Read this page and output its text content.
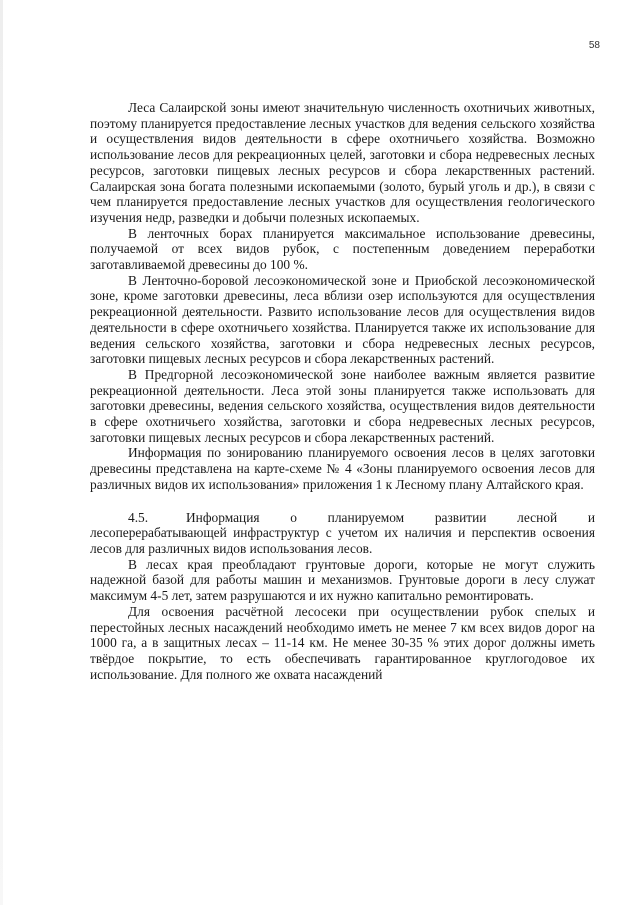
58

Леса Салаирской зоны имеют значительную численность охотничьих животных, поэтому планируется предоставление лесных участков для ведения сельского хозяйства и осуществления видов деятельности в сфере охотничьего хозяйства. Возможно использование лесов для рекреационных целей, заготовки и сбора недревесных лесных ресурсов, заготовки пищевых лесных ресурсов и сбора лекарственных растений. Салаирская зона богата полезными ископаемыми (золото, бурый уголь и др.), в связи с чем планируется предоставление лесных участков для осуществления геологического изучения недр, разведки и добычи полезных ископаемых.

В ленточных борах планируется максимальное использование древесины, получаемой от всех видов рубок, с постепенным доведением переработки заготавливаемой древесины до 100 %.

В Ленточно-боровой лесоэкономической зоне и Приобской лесоэкономической зоне, кроме заготовки древесины, леса вблизи озер используются для осуществления рекреационной деятельности. Развито использование лесов для осуществления видов деятельности в сфере охотничьего хозяйства. Планируется также их использование для ведения сельского хозяйства, заготовки и сбора недревесных лесных ресурсов, заготовки пищевых лесных ресурсов и сбора лекарственных растений.

В Предгорной лесоэкономической зоне наиболее важным является развитие рекреационной деятельности. Леса этой зоны планируется также использовать для заготовки древесины, ведения сельского хозяйства, осуществления видов деятельности в сфере охотничьего хозяйства, заготовки и сбора недревесных лесных ресурсов, заготовки пищевых лесных ресурсов и сбора лекарственных растений.

Информация по зонированию планируемого освоения лесов в целях заготовки древесины представлена на карте-схеме № 4 «Зоны планируемого освоения лесов для различных видов их использования» приложения 1 к Лесному плану Алтайского края.

4.5.	Информация о планируемом развитии лесной и лесоперерабатывающей инфраструктур с учетом их наличия и перспектив освоения лесов для различных видов использования лесов.

В лесах края преобладают грунтовые дороги, которые не могут служить надежной базой для работы машин и механизмов. Грунтовые дороги в лесу служат максимум 4-5 лет, затем разрушаются и их нужно капитально ремонтировать.

Для освоения расчётной лесосеки при осуществлении рубок спелых и перестойных лесных насаждений необходимо иметь не менее 7 км всех видов дорог на 1000 га, а в защитных лесах – 11-14 км. Не менее 30-35 % этих дорог должны иметь твёрдое покрытие, то есть обеспечивать гарантированное круглогодовое их использование. Для полного же охвата насаждений
